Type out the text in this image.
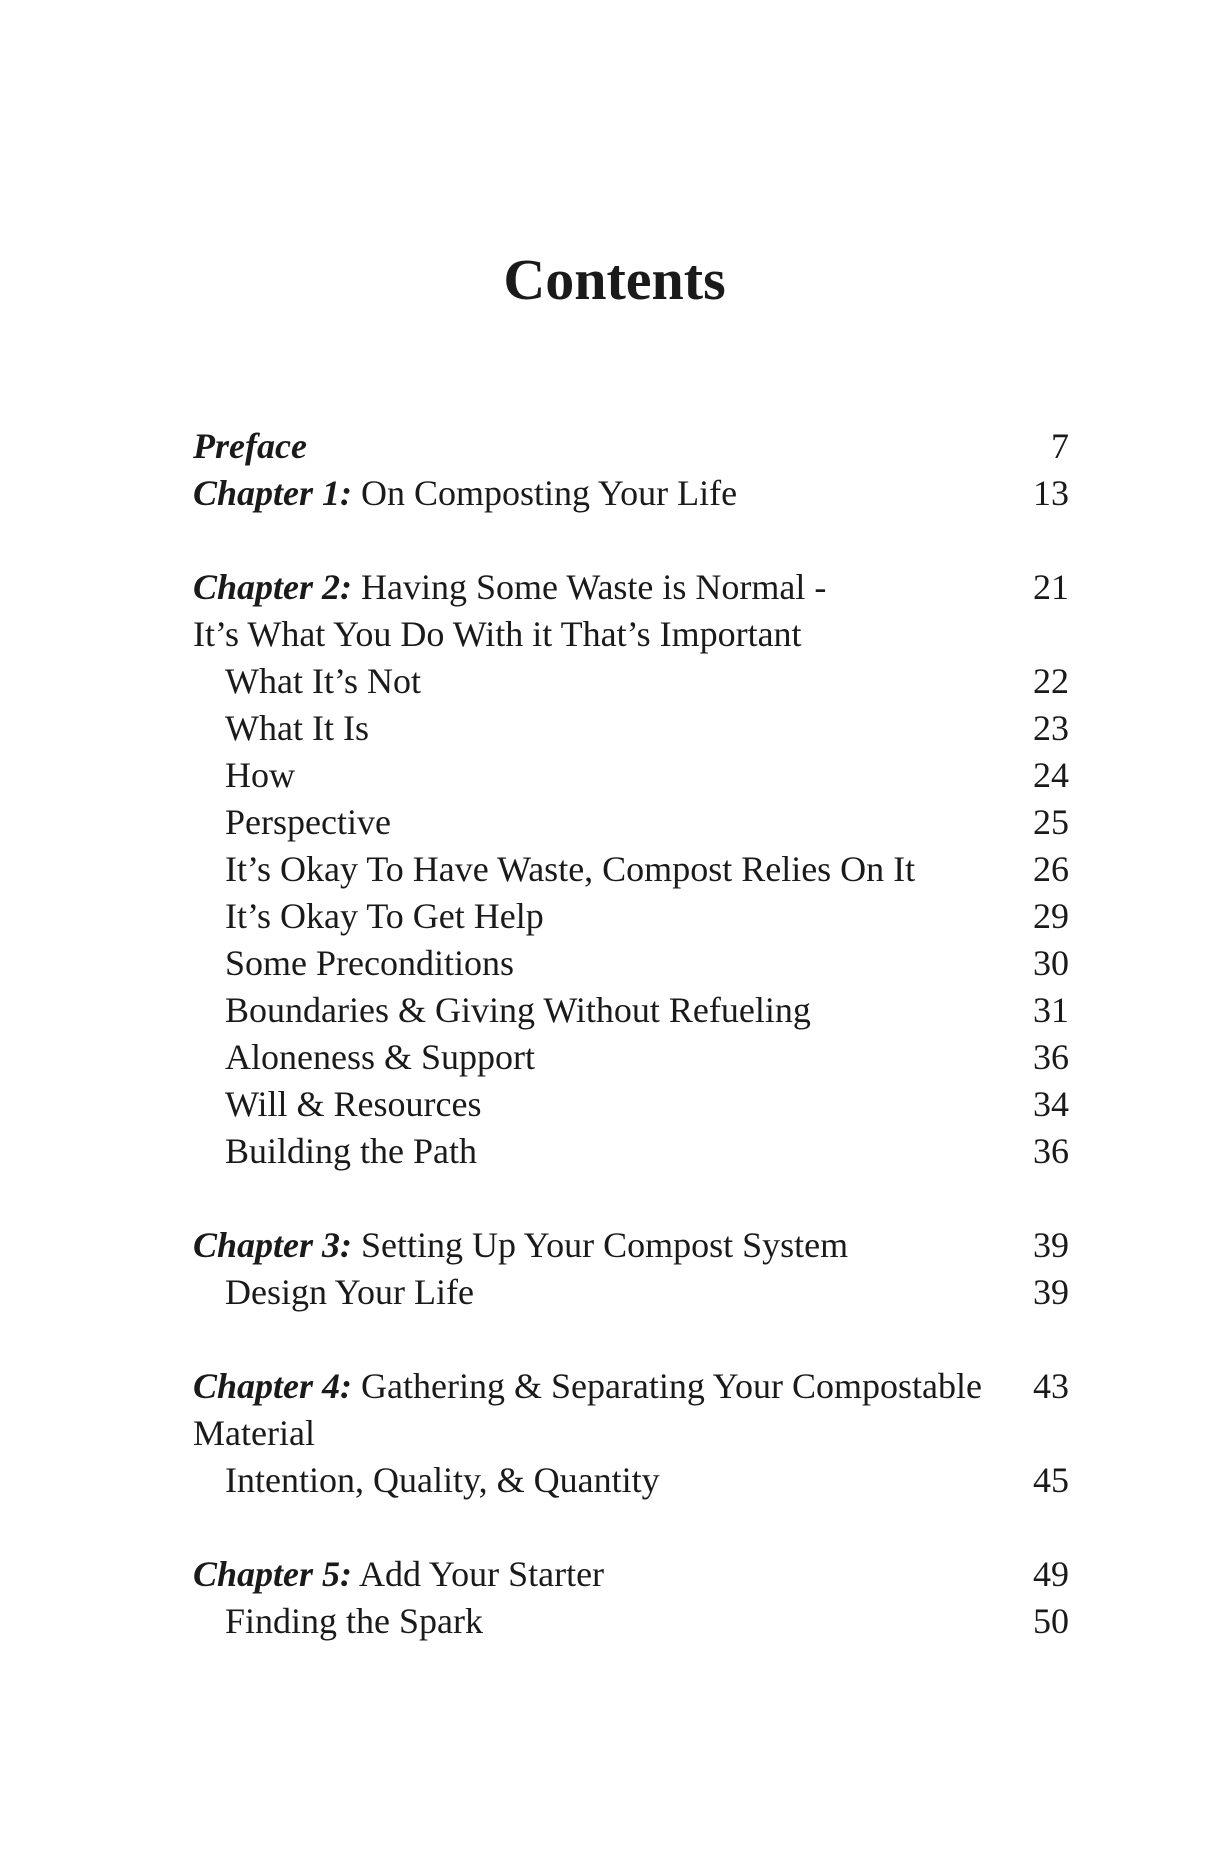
Contents
Preface	7
Chapter 1: On Composting Your Life	13
Chapter 2: Having Some Waste is Normal -	21
It’s What You Do With it That’s Important
What It’s Not	22
What It Is	23
How	24
Perspective	25
It’s Okay To Have Waste, Compost Relies On It	26
It’s Okay To Get Help	29
Some Preconditions	30
Boundaries & Giving Without Refueling	31
Aloneness & Support	36
Will & Resources	34
Building the Path	36
Chapter 3: Setting Up Your Compost System	39
Design Your Life	39
Chapter 4: Gathering & Separating Your Compostable 43
Material
Intention, Quality, & Quantity	45
Chapter 5: Add Your Starter	49
Finding the Spark	50
